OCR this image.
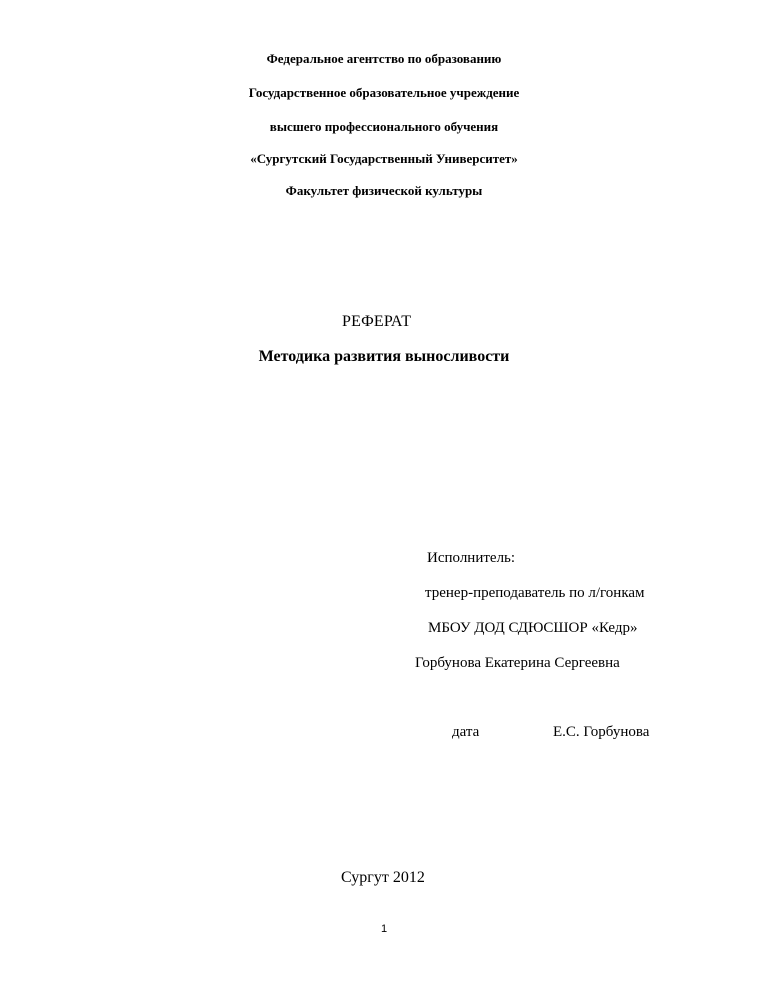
Федеральное агентство по образованию
Государственное образовательное учреждение
высшего профессионального обучения
«Сургутский Государственный Университет»
Факультет физической культуры
РЕФЕРАТ
Методика развития выносливости
Исполнитель:
тренер-преподаватель по л/гонкам
МБОУ ДОД СДЮСШОР «Кедр»
Горбунова Екатерина Сергеевна
дата	Е.С. Горбунова
Сургут 2012
1
